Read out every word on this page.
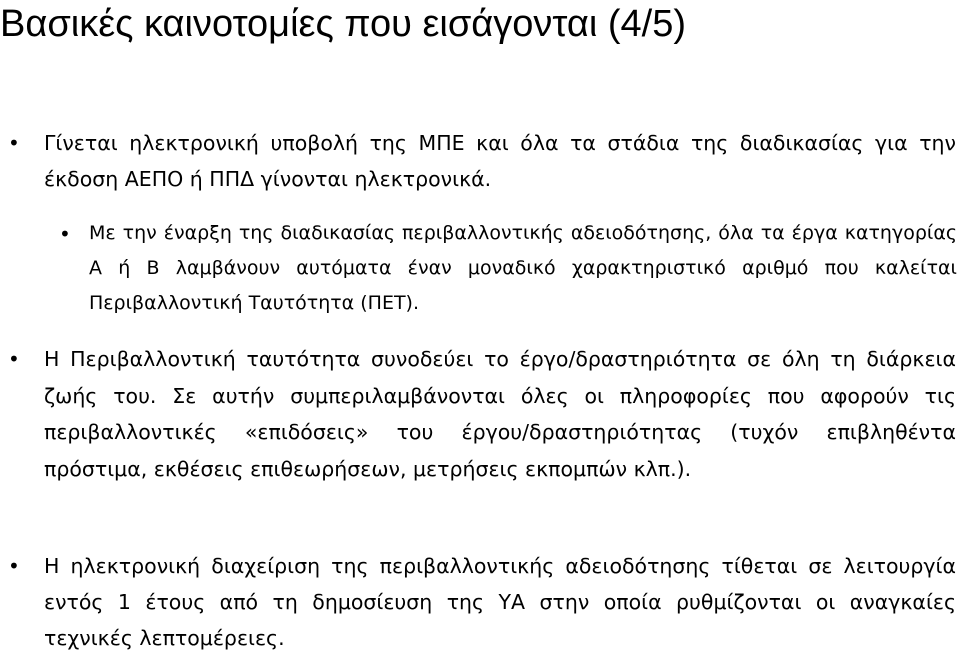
Βασικές καινοτομίες που εισάγονται (4/5)
• Γίνεται ηλεκτρονική υποβολή της ΜΠΕ και όλα τα στάδια της διαδικασίας για την έκδοση ΑΕΠΟ ή ΠΠΔ γίνονται ηλεκτρονικά.
• Με την έναρξη της διαδικασίας περιβαλλοντικής αδειοδότησης, όλα τα έργα κατηγορίας Α ή Β λαμβάνουν αυτόματα έναν μοναδικό χαρακτηριστικό αριθμό που καλείται Περιβαλλοντική Ταυτότητα (ΠΕΤ).
• Η Περιβαλλοντική ταυτότητα συνοδεύει το έργο/δραστηριότητα σε όλη τη διάρκεια ζωής του. Σε αυτήν συμπεριλαμβάνονται όλες οι πληροφορίες που αφορούν τις περιβαλλοντικές «επιδόσεις» του έργου/δραστηριότητας (τυχόν επιβληθέντα πρόστιμα, εκθέσεις επιθεωρήσεων, μετρήσεις εκπομπών κλπ.).
• Η ηλεκτρονική διαχείριση της περιβαλλοντικής αδειοδότησης τίθεται σε λειτουργία εντός 1 έτους από τη δημοσίευση της ΥΑ στην οποία ρυθμίζονται οι αναγκαίες τεχνικές λεπτομέρειες.
